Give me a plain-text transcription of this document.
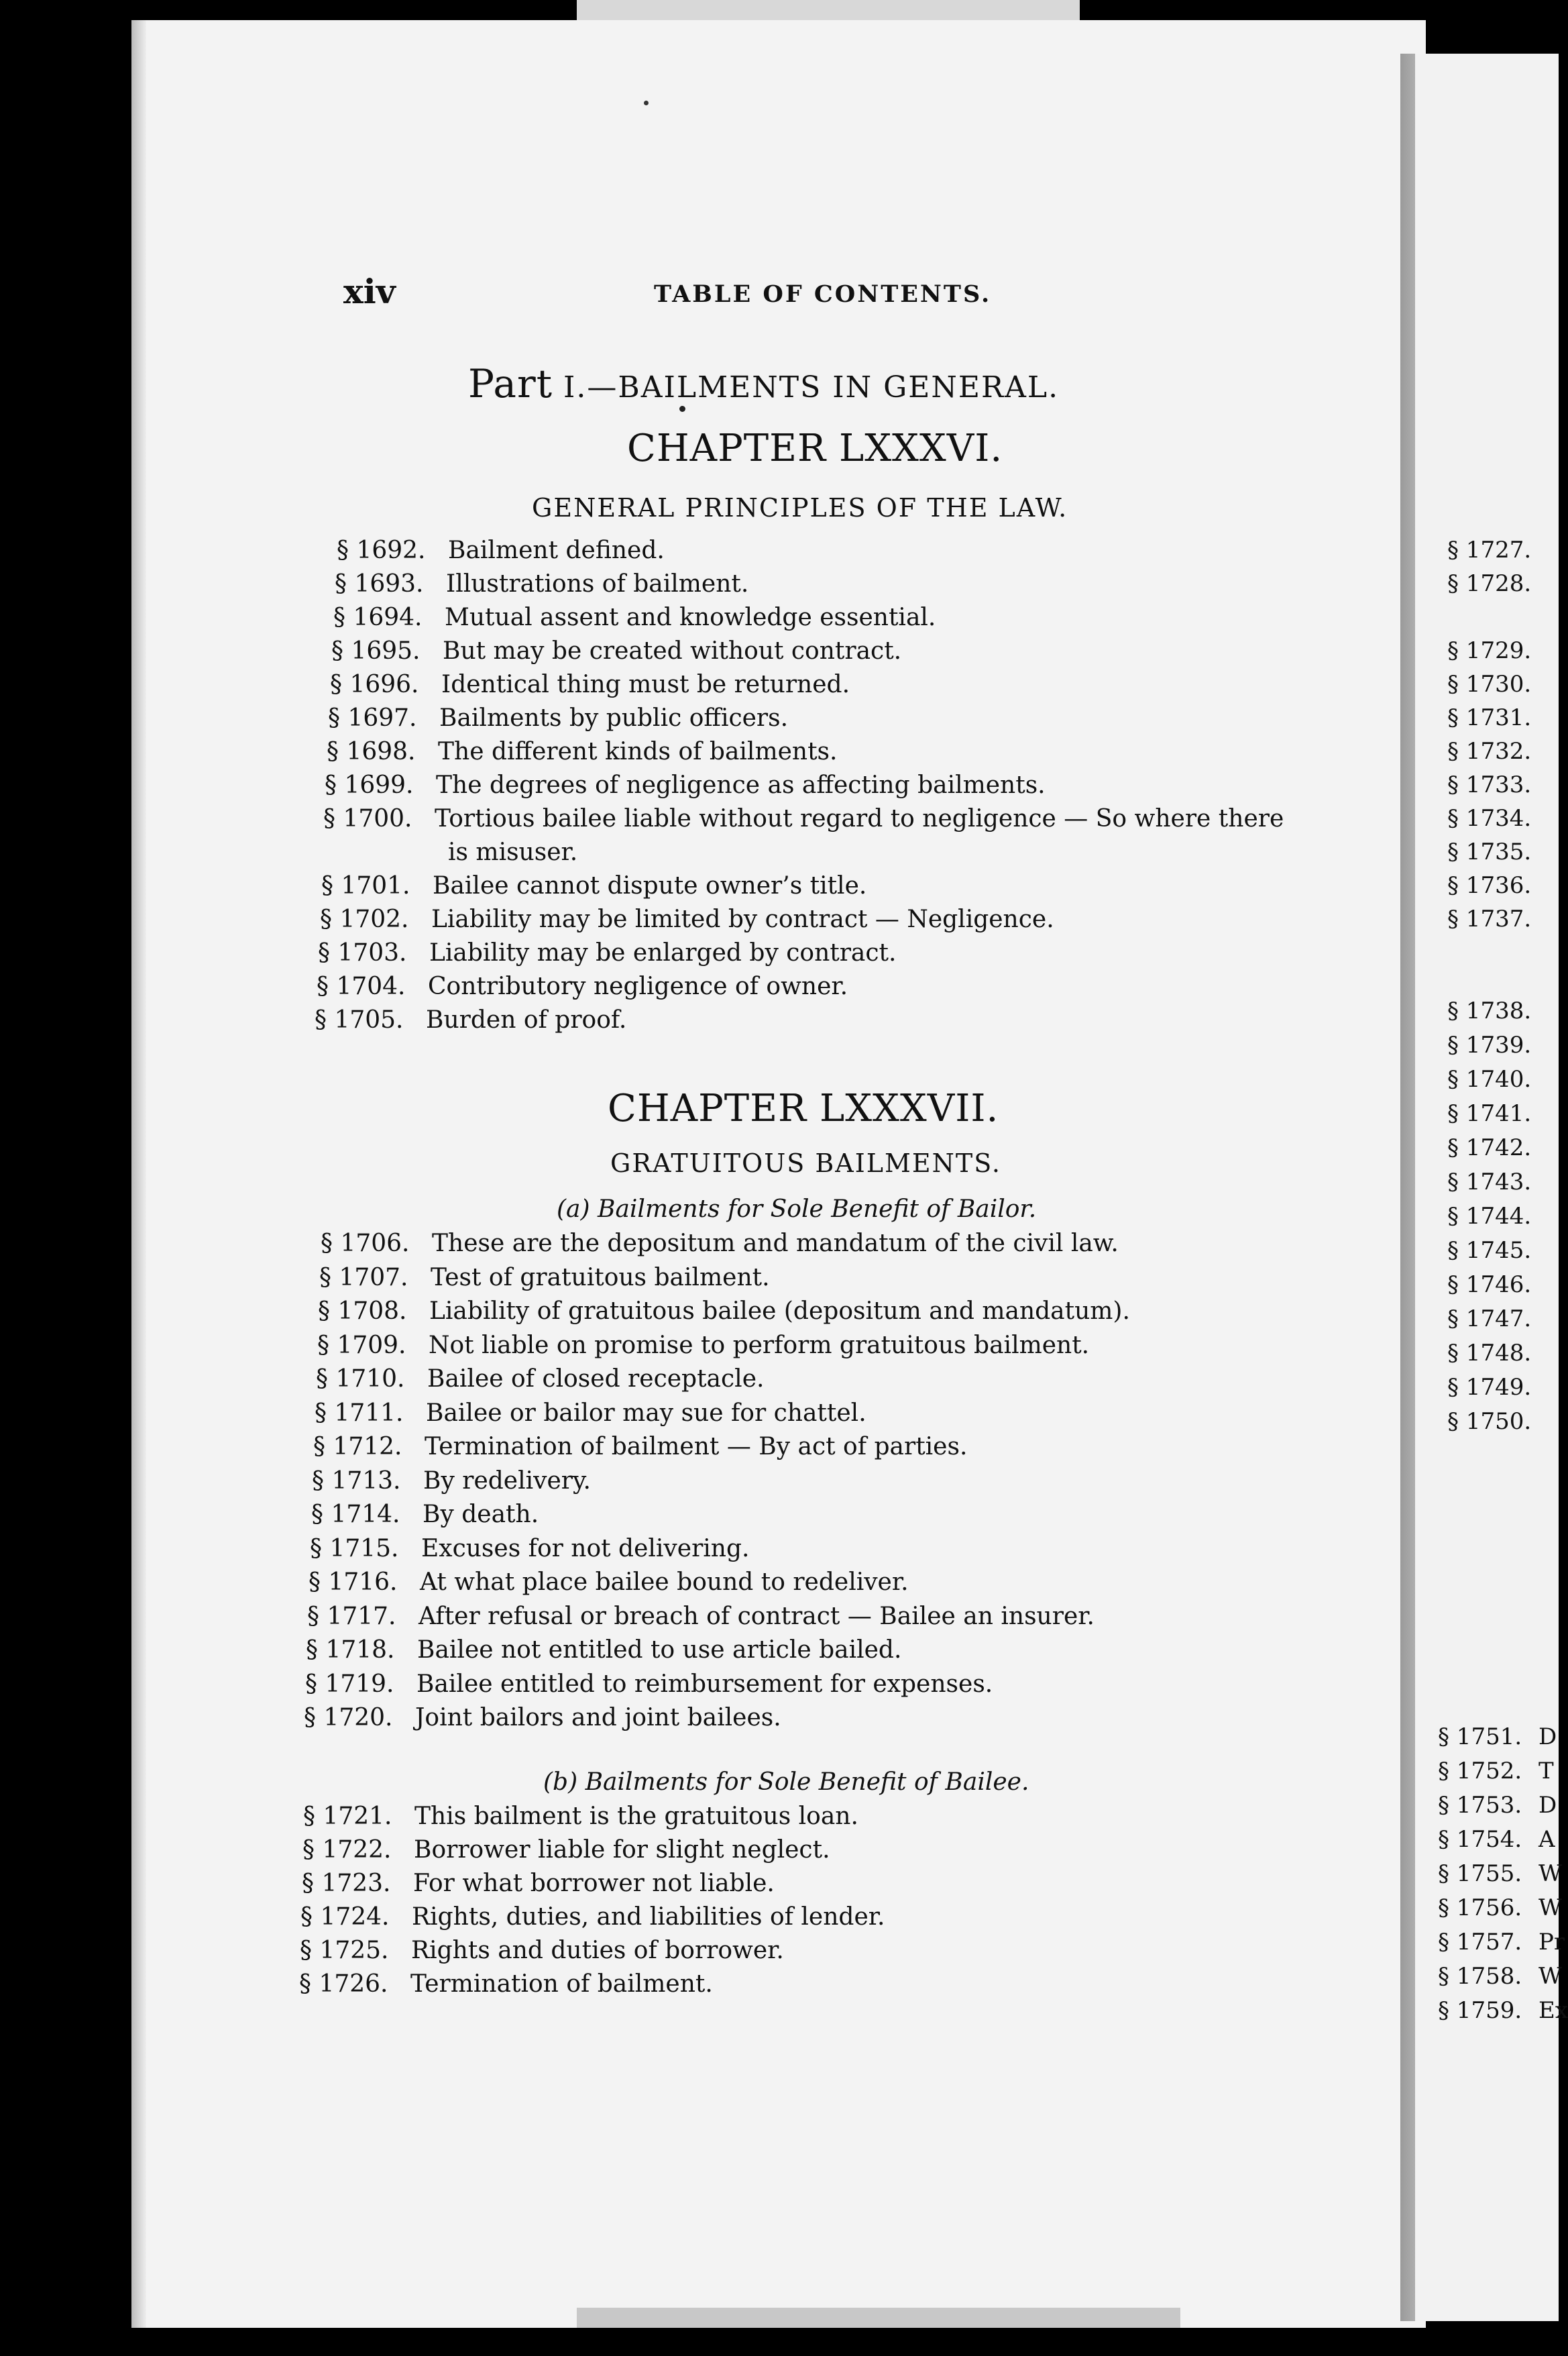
xiv	TABLE OF CONTENTS.
Part I.—BAILMENTS IN GENERAL.
CHAPTER LXXXVI.
GENERAL PRINCIPLES OF THE LAW.
§ 1692. Bailment defined.
§ 1693. Illustrations of bailment.
§ 1694. Mutual assent and knowledge essential.
§ 1695. But may be created without contract.
§ 1696. Identical thing must be returned.
§ 1697. Bailments by public officers.
§ 1698. The different kinds of bailments.
§ 1699. The degrees of negligence as affecting bailments.
§ 1700. Tortious bailee liable without regard to negligence — So where there
is misuser.
§ 1701. Bailee cannot dispute owner’s title.
§ 1702. Liability may be limited by contract — Negligence.
§ 1703. Liability may be enlarged by contract.
§ 1704. Contributory negligence of owner.
§ 1705. Burden of proof.
CHAPTER LXXXVII.
GRATUITOUS BAILMENTS.
(a) Bailments for Sole Benefit of Bailor.
§ 1706. These are the depositum and mandatum of the civil law.
§ 1707. Test of gratuitous bailment.
§ 1708. Liability of gratuitous bailee (depositum and mandatum).
§ 1709. Not liable on promise to perform gratuitous bailment.
§ 1710. Bailee of closed receptacle.
§ 1711. Bailee or bailor may sue for chattel.
§ 1712. Termination of bailment — By act of parties.
§ 1713. By redelivery.
§ 1714. By death.
§ 1715. Excuses for not delivering.
§ 1716. At what place bailee bound to redeliver.
§ 1717. After refusal or breach of contract — Bailee an insurer.
§ 1718. Bailee not entitled to use article bailed.
§ 1719. Bailee entitled to reimbursement for expenses.
§ 1720. Joint bailors and joint bailees.
(b) Bailments for Sole Benefit of Bailee.
§ 1721. This bailment is the gratuitous loan.
§ 1722. Borrower liable for slight neglect.
§ 1723. For what borrower not liable.
§ 1724. Rights, duties, and liabilities of lender.
§ 1725. Rights and duties of borrower.
§ 1726. Termination of bailment.
§ 1727.
§ 1728.
§ 1729.
§ 1730.
§ 1731.
§ 1732.
§ 1733.
§ 1734.
§ 1735.
§ 1736.
§ 1737.
§ 1738.
§ 1739.
§ 1740.
§ 1741.
§ 1742.
§ 1743.
§ 1744.
§ 1745.
§ 1746.
§ 1747.
§ 1748.
§ 1749.
§ 1750.
§ 1751. D
§ 1752. T
§ 1753. D
§ 1754. A
§ 1755. W
§ 1756. W
§ 1757. Pr
§ 1758. W
§ 1759. Ex
